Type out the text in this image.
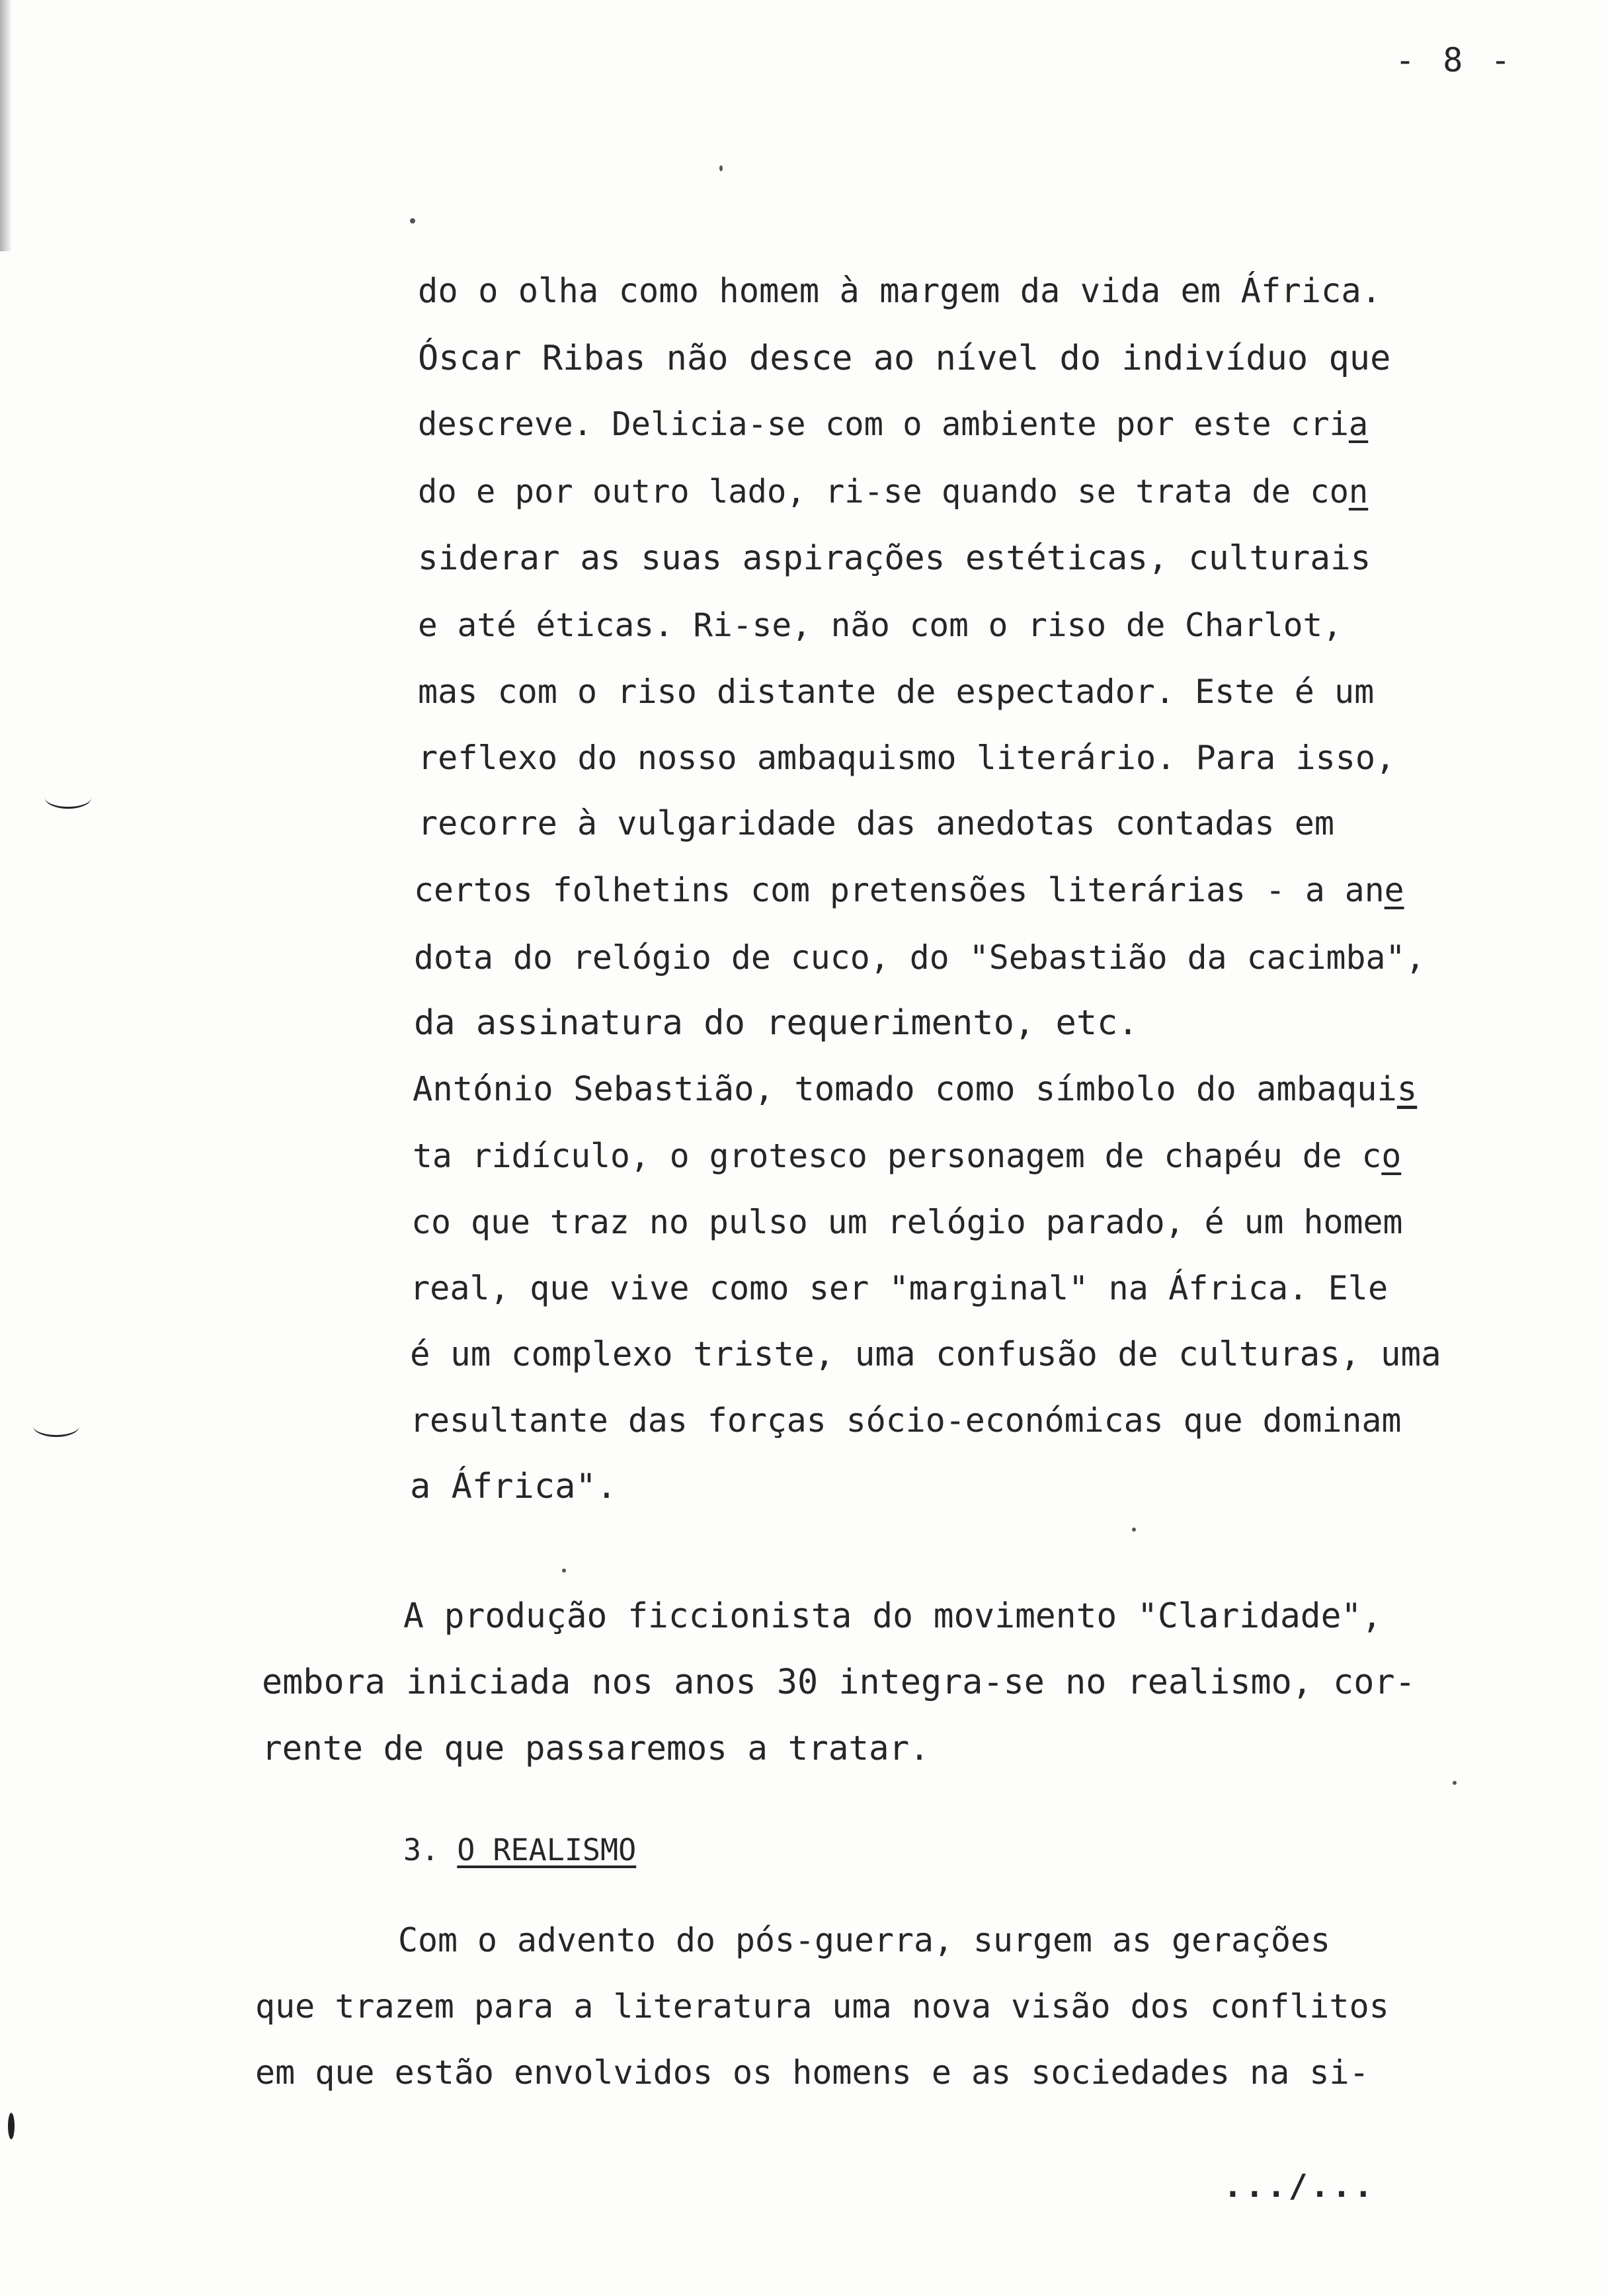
- 8 -
do o olha como homem à margem da vida em África.
Óscar Ribas não desce ao nível do indivíduo que
descreve. Delicia-se com o ambiente por este cria
do e por outro lado, ri-se quando se trata de con
siderar as suas aspirações estéticas, culturais
e até éticas. Ri-se, não com o riso de Charlot,
mas com o riso distante de espectador. Este é um
reflexo do nosso ambaquismo literário. Para isso,
recorre à vulgaridade das anedotas contadas em
certos folhetins com pretensões literárias - a ane
dota do relógio de cuco, do "Sebastião da cacimba",
da assinatura do requerimento, etc.
António Sebastião, tomado como símbolo do ambaquis
ta ridículo, o grotesco personagem de chapéu de co
co que traz no pulso um relógio parado, é um homem
real, que vive como ser "marginal" na África. Ele
é um complexo triste, uma confusão de culturas, uma
resultante das forças sócio-económicas que dominam
a África".
A produção ficcionista do movimento "Claridade",
embora iniciada nos anos 30 integra-se no realismo, cor-
rente de que passaremos a tratar.
3. O REALISMO
Com o advento do pós-guerra, surgem as gerações
que trazem para a literatura uma nova visão dos conflitos
em que estão envolvidos os homens e as sociedades na si-
.../...
